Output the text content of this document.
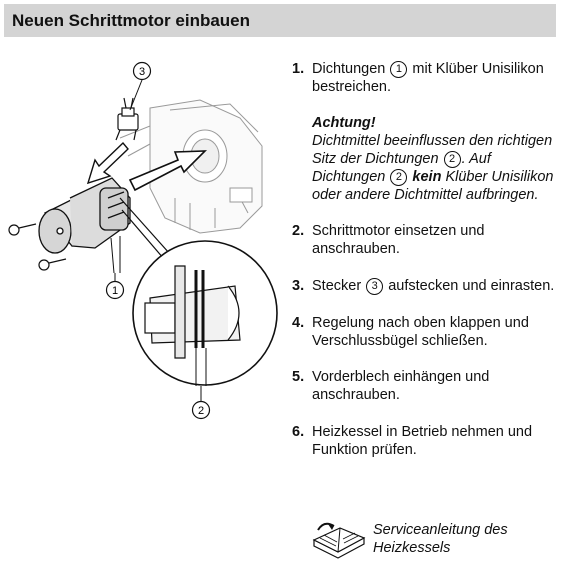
Neuen Schrittmotor einbauen
3
1
2

1. Dichtungen 1 mit Klüber Unisilikon bestreichen.

Achtung!
Dichtmittel beeinflussen den richtigen Sitz der Dichtungen 2 . Auf Dichtungen 2 kein Klüber Unisilikon oder andere Dichtmittel aufbringen.

2. Schrittmotor einsetzen und anschrauben.

3. Stecker 3 aufstecken und einrasten.

4. Regelung nach oben klappen und Verschlussbügel schließen.

5. Vorderblech einhängen und anschrauben.

6. Heizkessel in Betrieb nehmen und Funktion prüfen.

Serviceanleitung des Heizkessels
